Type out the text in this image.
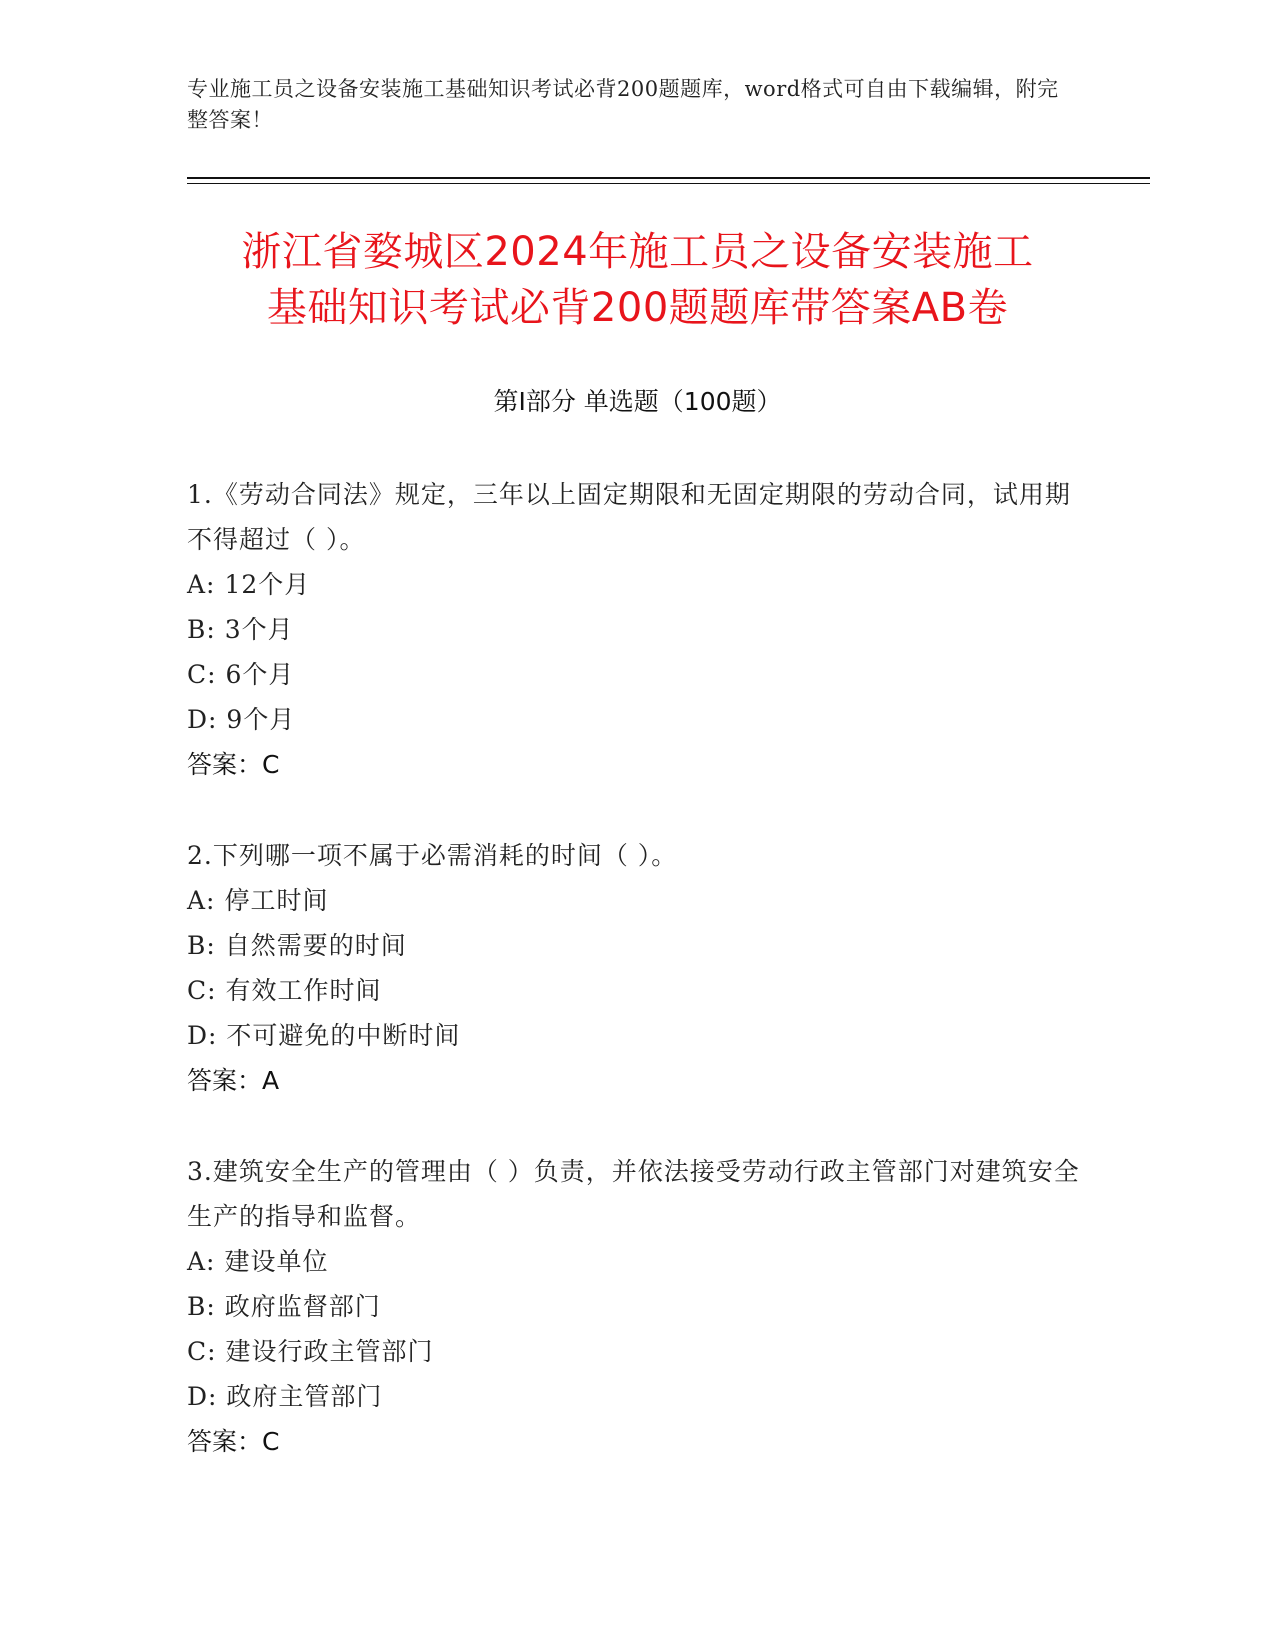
专业施工员之设备安装施工基础知识考试必背200题题库，word格式可自由下载编辑，附完整答案！
浙江省婺城区2024年施工员之设备安装施工
基础知识考试必背200题题库带答案AB卷
第I部分 单选题（100题）
1.《劳动合同法》规定，三年以上固定期限和无固定期限的劳动合同，试用期不得超过（ ）。
A: 12个月
B: 3个月
C: 6个月
D: 9个月
答案：C
2.下列哪一项不属于必需消耗的时间（ ）。
A: 停工时间
B: 自然需要的时间
C: 有效工作时间
D: 不可避免的中断时间
答案：A
3.建筑安全生产的管理由（ ）负责，并依法接受劳动行政主管部门对建筑安全生产的指导和监督。
A: 建设单位
B: 政府监督部门
C: 建设行政主管部门
D: 政府主管部门
答案：C
